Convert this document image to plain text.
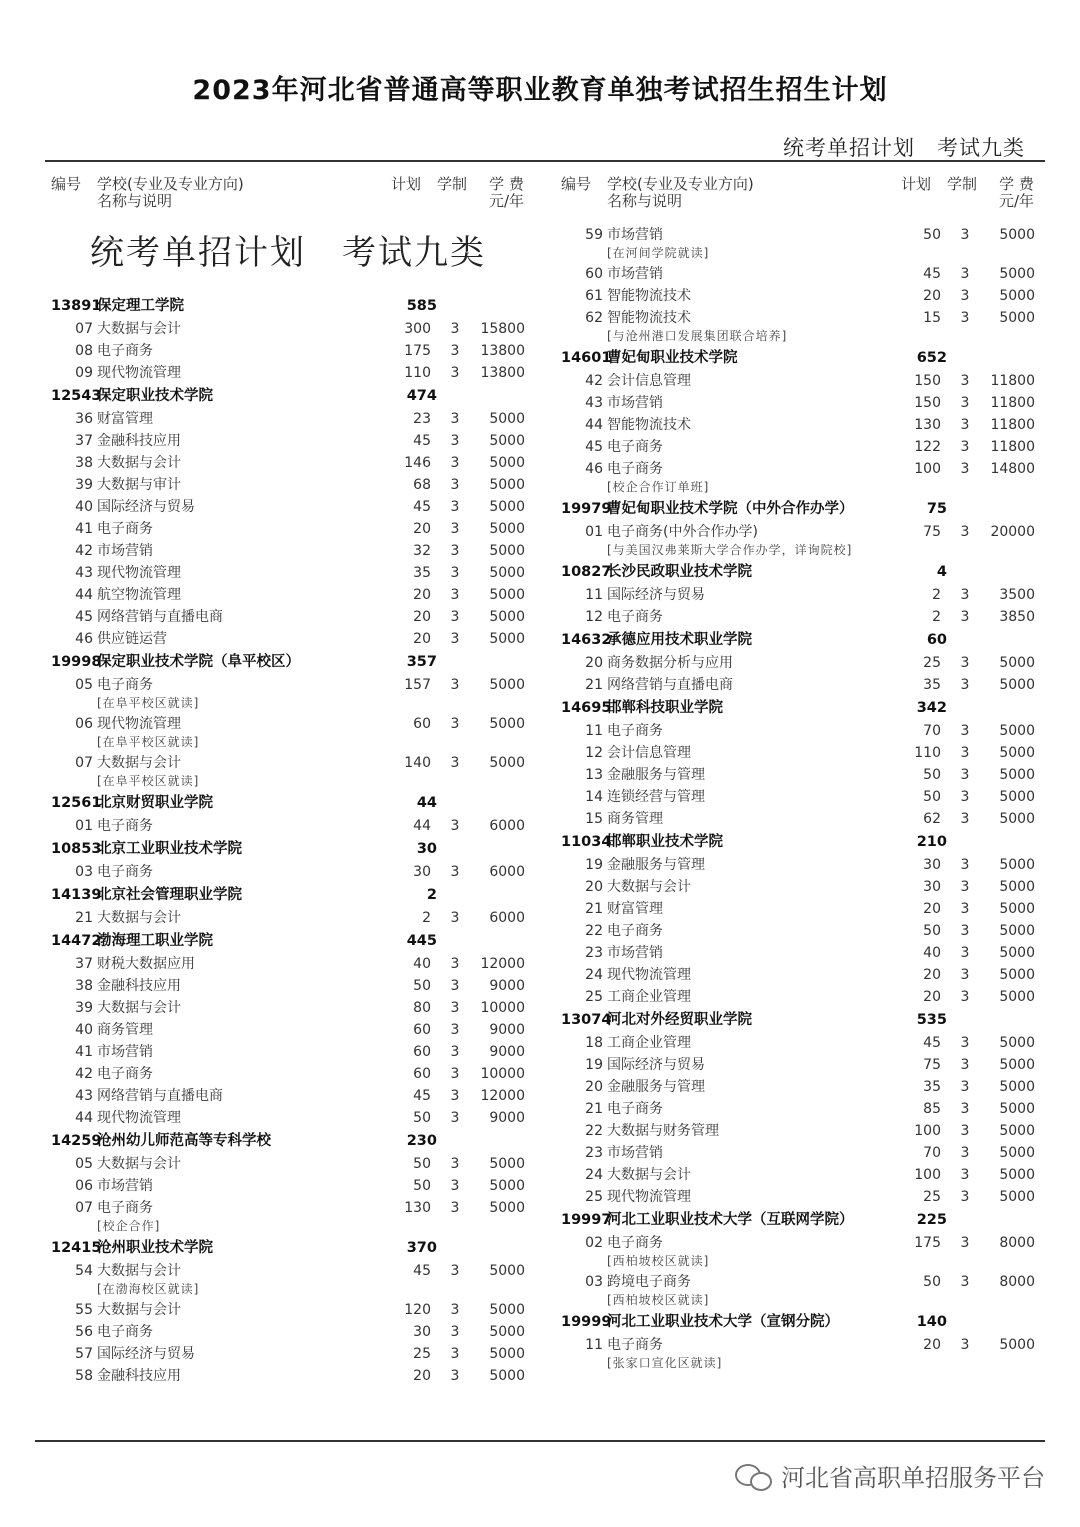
2023年河北省普通高等职业教育单独考试招生招生计划
统考单招计划　考试九类
编号 学校(专业及专业方向)
名称与说明
计划 学制 学 费
元/年
统考单招计划　考试九类
13891
保定理工学院	585
07 大数据与会计	300	3	15800
08 电子商务	175	3	13800
09 现代物流管理	110	3	13800
12543
保定职业技术学院	474
36 财富管理	23	3	5000
37 金融科技应用	45	3	5000
38 大数据与会计	146	3	5000
39 大数据与审计	68	3	5000
40 国际经济与贸易	45	3	5000
41 电子商务	20	3	5000
42 市场营销	32	3	5000
43 现代物流管理	35	3	5000
44 航空物流管理	20	3	5000
45 网络营销与直播电商	20	3	5000
46 供应链运营	20	3	5000
19998
保定职业技术学院（阜平校区）	357
05 电子商务	157	3	5000
[在阜平校区就读]
06 现代物流管理	60	3	5000
[在阜平校区就读]
07 大数据与会计	140	3	5000
[在阜平校区就读]
12561
北京财贸职业学院	44
01 电子商务	44	3	6000
10853
北京工业职业技术学院	30
03 电子商务	30	3	6000
14139
北京社会管理职业学院	2
21 大数据与会计	2	3	6000
14472
渤海理工职业学院	445
37 财税大数据应用	40	3	12000
38 金融科技应用	50	3	9000
39 大数据与会计	80	3	10000
40 商务管理	60	3	9000
41 市场营销	60	3	9000
42 电子商务	60	3	10000
43 网络营销与直播电商	45	3	12000
44 现代物流管理	50	3	9000
14259
沧州幼儿师范高等专科学校	230
05 大数据与会计	50	3	5000
06 市场营销	50	3	5000
07 电子商务	130	3	5000
[校企合作]
12415
沧州职业技术学院	370
54 大数据与会计	45	3	5000
[在渤海校区就读]
55 大数据与会计	120	3	5000
56 电子商务	30	3	5000
57 国际经济与贸易	25	3	5000
58 金融科技应用	20	3	5000
编号 学校(专业及专业方向)
名称与说明
计划 学制 学 费
元/年
59 市场营销	50	3	5000
[在河间学院就读]
60 市场营销	45	3	5000
61 智能物流技术	20	3	5000
62 智能物流技术	15	3	5000
[与沧州港口发展集团联合培养]
14601
曹妃甸职业技术学院	652
42 会计信息管理	150	3	11800
43 市场营销	150	3	11800
44 智能物流技术	130	3	11800
45 电子商务	122	3	11800
46 电子商务	100	3	14800
[校企合作订单班]
19979
曹妃甸职业技术学院（中外合作办学）	75
01 电子商务(中外合作办学)	75	3	20000
[与美国汉弗莱斯大学合作办学，详询院校]
10827
长沙民政职业技术学院	4
11 国际经济与贸易	2	3	3500
12 电子商务	2	3	3850
14632
承德应用技术职业学院	60
20 商务数据分析与应用	25	3	5000
21 网络营销与直播电商	35	3	5000
14695
邯郸科技职业学院	342
11 电子商务	70	3	5000
12 会计信息管理	110	3	5000
13 金融服务与管理	50	3	5000
14 连锁经营与管理	50	3	5000
15 商务管理	62	3	5000
11034
邯郸职业技术学院	210
19 金融服务与管理	30	3	5000
20 大数据与会计	30	3	5000
21 财富管理	20	3	5000
22 电子商务	50	3	5000
23 市场营销	40	3	5000
24 现代物流管理	20	3	5000
25 工商企业管理	20	3	5000
13074
河北对外经贸职业学院	535
18 工商企业管理	45	3	5000
19 国际经济与贸易	75	3	5000
20 金融服务与管理	35	3	5000
21 电子商务	85	3	5000
22 大数据与财务管理	100	3	5000
23 市场营销	70	3	5000
24 大数据与会计	100	3	5000
25 现代物流管理	25	3	5000
19997
河北工业职业技术大学（互联网学院）	225
02 电子商务	175	3	8000
[西柏坡校区就读]
03 跨境电子商务	50	3	8000
[西柏坡校区就读]
19999
河北工业职业技术大学（宣钢分院）	140
11 电子商务	20	3	5000
[张家口宣化区就读]
河北省高职单招服务平台
